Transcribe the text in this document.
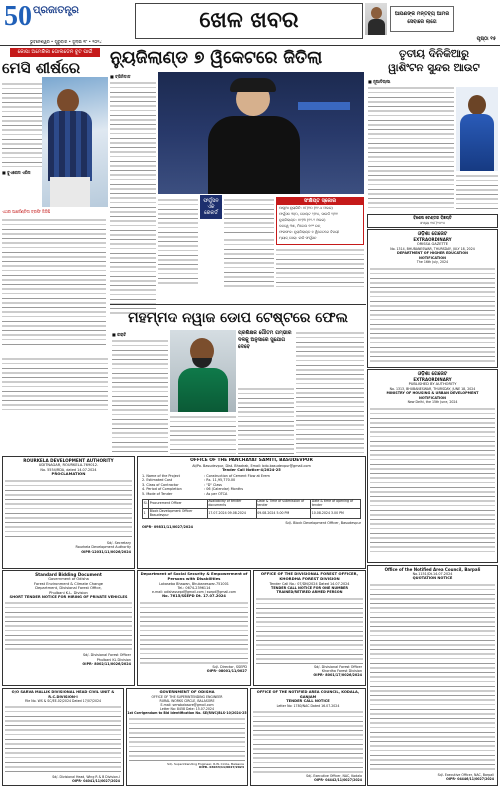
50 ପ୍ରଜାତନ୍ତ୍ର	ଖେଳ ଖବର	ଆପଣଙ୍କ ମନ୍ତବ୍ୟ ଆମର
ସେବାରେ ଲାଗେ
ଭୁବନେଶ୍ୱର • ଗୁରୁବାର • ଜୁଲାଇ ୧୮ • ୨୦୨୪	ପୃଷ୍ଠା ୧୫
କୋପା ଅମେରିକା ଗୋଲଡେନ ବୁଟ ପାଇଁ
ମେସି ଶୀର୍ଷରେ
ଏଥର ଆର୍ଜେଣ୍ଟିନା ଟ୍ରଫି ଜିତିଛି
■ ବୁଏନୋସ ଏରିସ
ନ୍ୟୁଜିଲାଣ୍ଡ ୭ ୱିକେଟରେ ଜିତିଲା
■ ଟ୍ରିନିଡାଡ
ଫର୍ଗୁସନ ଏକ ରେକର୍ଡ
ସଂକ୍ଷିପ୍ତ ସ୍କୋର
ପାପୁଆ ନ୍ୟୁଗିନି: ୭୮/୧୦ (୧୯.୪ ଓଭର)
ଫର୍ଗୁସନ ୩/୦, ବୋଲ୍ଟ ୨/୧୪, ସାଉଦି ୨/୧୧
ନ୍ୟୁଜିଲାଣ୍ଡ: ୭୯/୩ (୧୨.୨ ଓଭର)
କନୱେ ୩୫, ମିଚେଲ ୧୯* ରନ୍
ଫଳାଫଳ: ନ୍ୟୁଜିଲାଣ୍ଡ ୭ ୱିକେଟରେ ବିଜୟୀ
ମ୍ୟାଚ୍ ସେରା: ଲକି ଫର୍ଗୁସନ
ତୃତୀୟ ଦିନିକିଆରୁ
ୱାଶିଂଟନ ସୁନ୍ଦର ଆଉଟ
■ ନୂଆଦିଲ୍ଲୀ
ବିଶେଷ ଟେଣ୍ଡର ବିଜ୍ଞପ୍ତି
ସଂଖ୍ୟା ୧୫୮/୨୦୨୪
ଓଡ଼ିଶା ଗେଜେଟ
EXTRAORDINARY
ORISSA GAZETTE
No. 1314, BHUBANESWAR, THURSDAY, JULY 18, 2024
DEPARTMENT OF HIGHER EDUCATION
NOTIFICATION
The 16th July, 2024
ଓଡ଼ିଶା ଗେଜେଟ
EXTRAORDINARY
PUBLISHED BY AUTHORITY
No. 1313, BHUBANESWAR, THURSDAY, JUNE 18, 2024
MINISTRY OF HOUSING & URBAN DEVELOPMENT
NOTIFICATION
New Delhi, the 15th June, 2024
ମହମ୍ମଦ ନୱାଜ ଡୋପ ଟେଷ୍ଟରେ ଫେଲ
■ କରାଚି	ପ୍ରଶିକ୍ଷକ ଗୌତମ ଗମ୍ଭୀର ଦଳକୁ ଅନୁସାରେ ସୁଯୋଗ ଦେବେ
ROURKELA DEVELOPMENT AUTHORITY
UDITNAGAR, ROURKELA-769012.
No. 5554/RDA, dated 14.07.2024
PROCLAMATION
Sd/- Secretary
Rourkela Development Authority
OIPR-12031/11/0026/2024
OFFICE OF THE PANCHAYAT SAMITI, BASUDEVPUR
At/Po. Basudevpur, Dist. Bhadrak, Email: bdo.basudevpur@gmail.com
Tender Call Notice-4/2024-25
1. Name of the Project	: Construction of Cement Flow at Erem
2. Estimated Cost	: Rs. 11,95,770.00
3. Class of Contractor	: "D" Class
4. Period of Completion	: 06 (Calendar) Months
5. Mode of Tender	: As per OTCA
Sl.	Procurement Officer	Availability of tender documents	Date & Time of submission of tender	Date & time of opening of tender
1	Block Development Officer Basudevpur	17.07.2024 09.08.2024	09.08.2024 5.00 PM	10.08.2024 3.00 PM
Sd/- Block Development Officer, Basudevpur
OIPR- 09831/11/0027/2024
Standard Bidding Document
Government of Odisha
Forest Environment & Climate Change
Department, Divisional Forest Office,
Phulbani K.L. Division
SHORT TENDER NOTICE FOR HIRING OF PRIVATE VEHICLES
Sd/- Divisional Forest Officer
Phulbani KL Division
OIPR- 8002/11/0026/2024
Department of Social Security & Empowerment of Persons with Disabilities
Lokaseba Bhawan, Bhubaneswar-751001
Tel.: 0674-2396114
e-mail: odishassepd@gmail.com / ssepd@gmail.com
No. 7615/SSEPD Dt. 17.07.2024
Sd/- Director, SSEPD
OIPR- 08001/11/0027
OFFICE OF THE DIVISIONAL FOREST OFFICER, KHORDHA FOREST DIVISION
Tender Call No.: 07/DN/2024 Dated 14.07.2024
TENDER CALL NOTICE FOR ONE NUMBER TRAINED/RETIRED ARMED PERSON
Sd/- Divisional Forest Officer
Khordha Forest Division
OIPR- 8001/17/0026/2024
O/O SARVA MALLIK DIVISIONAL HEAD CIVIL UNIT & R.C.DIVISION-I
File No. WS & SC/EE-02/2024 Dated 17/07/2024
Sd/- Divisional Head, Wing R & B Division-I
OIPR- 04041/11/0027/2024
GOVERNMENT OF ODISHA
OFFICE OF THE SUPERINTENDING ENGINEER
RURAL WORKS CIRCLE, BALASORE
E-mail: serwbalasore@gmail.com
Letter No: 8458 Date: 15.07.2024
1st Corrigendum to Bid Identification No. SE(RWC)BLS-10/2024-25
Sd/- Superintending Engineer, R.W. Circle, Balasore
OIPR- 04043/11/0027/2024
OFFICE OF THE NOTIFIED AREA COUNCIL, KODALA, GANJAM
TENDER CALL NOTICE
Letter No: 1780/NAC Dated 16.07.2024
Sd/- Executive Officer, NAC, Kodala
OIPR- 04442/11/0027/2024
Office of the Notified Area Council, Barpali
No.1151/Dt.14.07.2024
QUOTATION NOTICE
Sd/- Executive Officer, NAC, Barpali
OIPR- 04446/11/0027/2024
